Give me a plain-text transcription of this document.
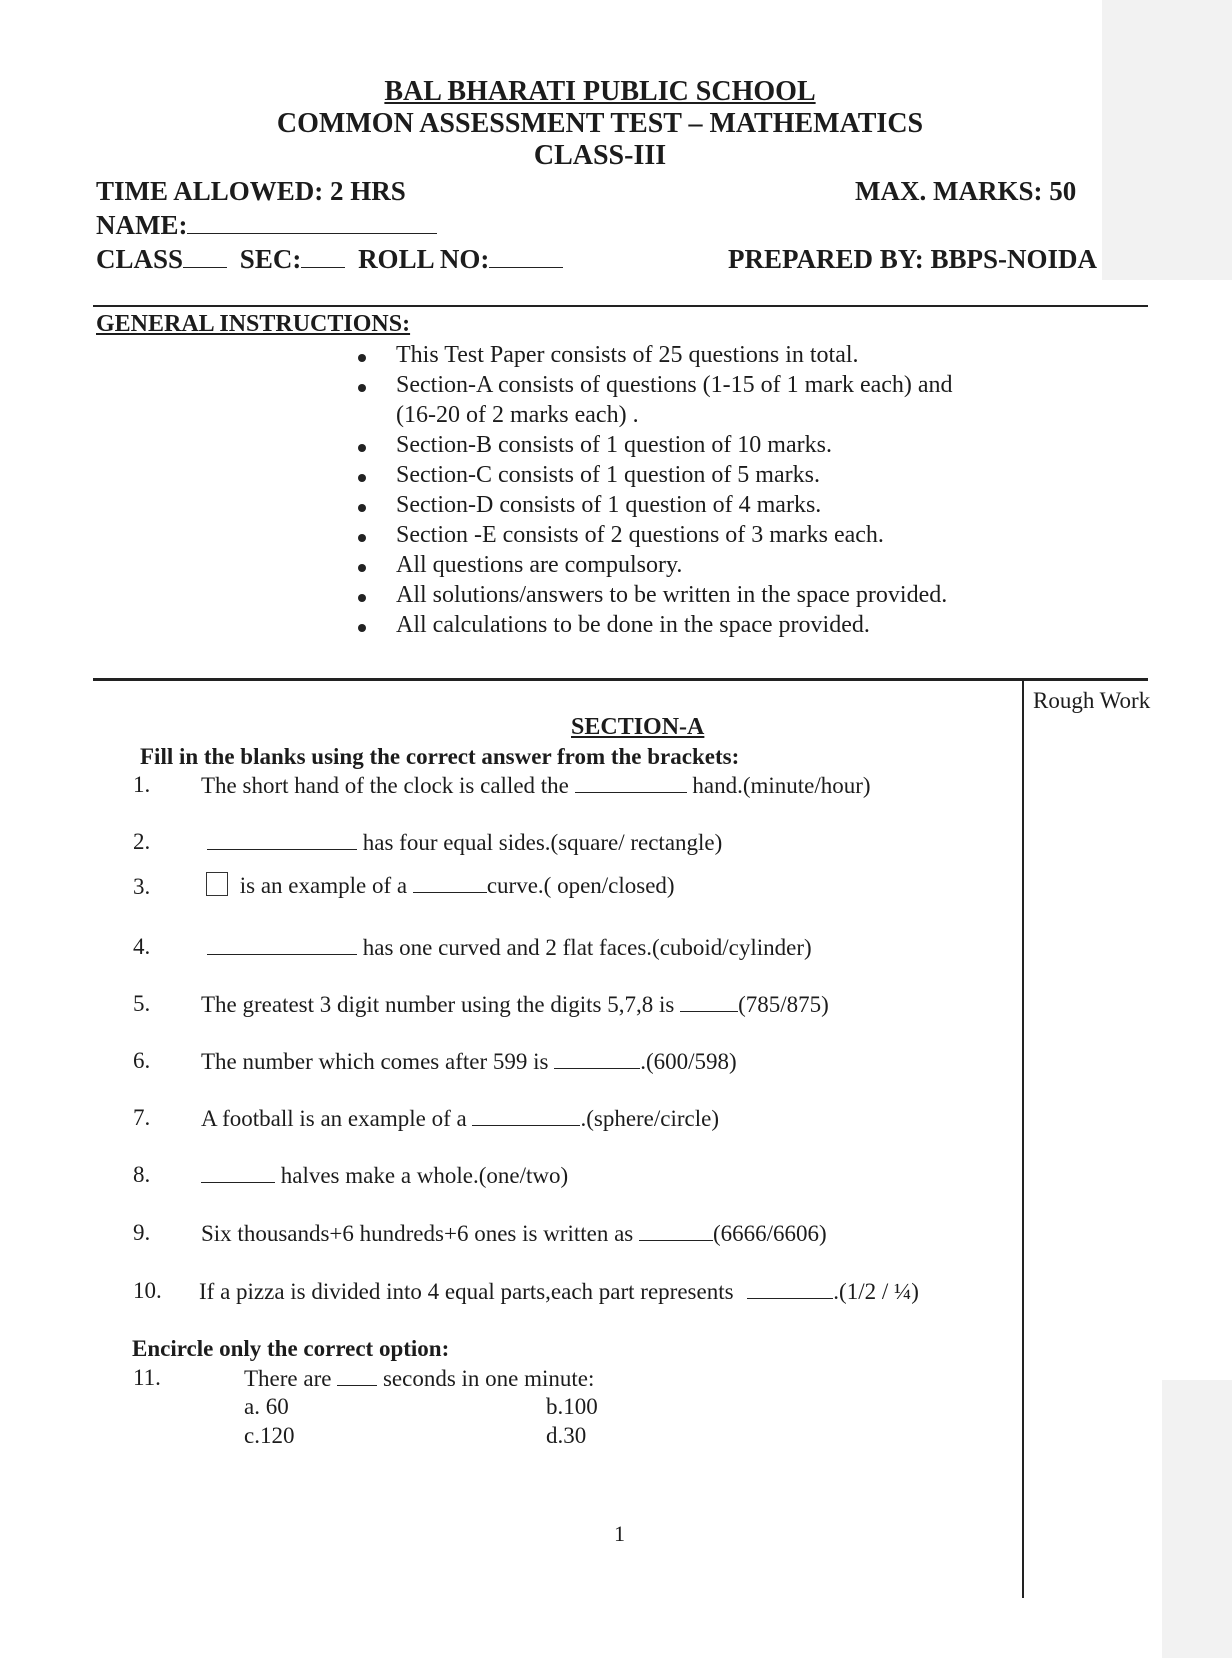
BAL BHARATI PUBLIC SCHOOL
COMMON ASSESSMENT TEST – MATHEMATICS
CLASS-III
TIME ALLOWED: 2 HRS	MAX. MARKS: 50
NAME:
CLASS SEC: ROLL NO:	PREPARED BY: BBPS-NOIDA
GENERAL INSTRUCTIONS:
This Test Paper consists of 25 questions in total.
Section-A consists of questions (1-15 of 1 mark each) and
(16-20 of 2 marks each) .
Section-B consists of 1 question of 10 marks.
Section-C consists of 1 question of 5 marks.
Section-D consists of 1 question of 4 marks.
Section -E consists of 2 questions of 3 marks each.
All questions are compulsory.
All solutions/answers to be written in the space provided.
All calculations to be done in the space provided.
Rough Work
SECTION-A
Fill in the blanks using the correct answer from the brackets:
1. The short hand of the clock is called the	hand.(minute/hour)
2.	has four equal sides.(square/ rectangle)
3.	is an example of a	curve.( open/closed)
4.	has one curved and 2 flat faces.(cuboid/cylinder)
5. The greatest 3 digit number using the digits 5,7,8 is	(785/875)
6. The number which comes after 599 is	.(600/598)
7. A football is an example of a	.(sphere/circle)
8.	halves make a whole.(one/two)
9. Six thousands+6 hundreds+6 ones is written as	(6666/6606)
10. If a pizza is divided into 4 equal parts,each part represents	.(1/2 / ¼)
Encircle only the correct option:
11.	There are seconds in one minute:
a. 60	b.100
c.120	d.30
1
